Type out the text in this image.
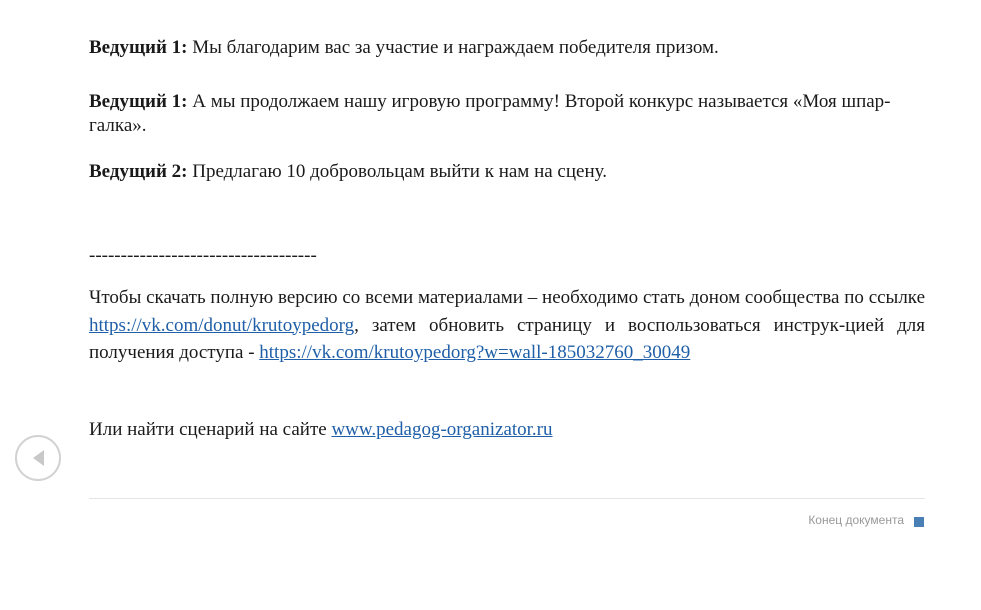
Ведущий 1: Мы благодарим вас за участие и награждаем победителя призом.

Ведущий 1: А мы продолжаем нашу игровую программу! Второй конкурс называется «Моя шпар-
галка».

Ведущий 2: Предлагаю 10 добровольцам выйти к нам на сцену.

------------------------------------

Чтобы скачать полную версию со всеми материалами – необходимо стать доном сообщества по ссылке https://vk.com/donut/krutoypedorg, затем обновить страницу и воспользоваться инструк-цией для получения доступа - https://vk.com/krutoypedorg?w=wall-185032760_30049

Или найти сценарий на сайте www.pedagog-organizator.ru

Конец документа
